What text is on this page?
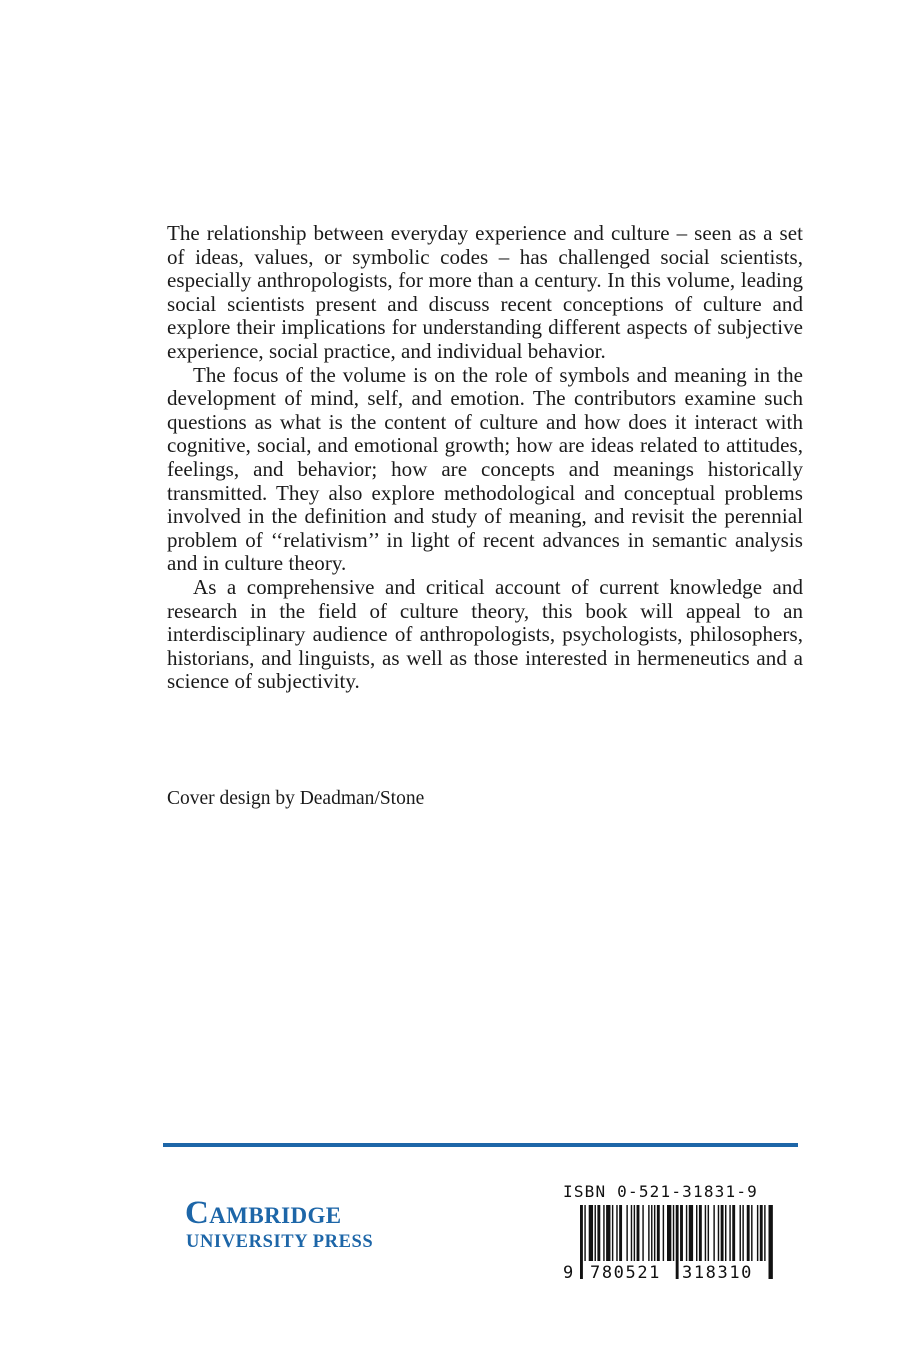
The relationship between everyday experience and culture – seen as a set of ideas, values, or symbolic codes – has challenged social scientists, especially anthropologists, for more than a century. In this volume, leading social scientists present and discuss recent conceptions of culture and explore their implications for understanding different aspects of subjective experience, social practice, and individual behavior.

The focus of the volume is on the role of symbols and meaning in the development of mind, self, and emotion. The contributors examine such questions as what is the content of culture and how does it interact with cognitive, social, and emotional growth; how are ideas related to attitudes, feelings, and behavior; how are concepts and meanings historically transmitted. They also explore methodological and conceptual problems involved in the definition and study of meaning, and revisit the perennial problem of ‘‘relativism’’ in light of recent advances in semantic analysis and in culture theory.

As a comprehensive and critical account of current knowledge and research in the field of culture theory, this book will appeal to an interdisciplinary audience of anthropologists, psychologists, philosophers, historians, and linguists, as well as those interested in hermeneutics and a science of subjectivity.

Cover design by Deadman/Stone
Cambridge
UNIVERSITY PRESS
ISBN 0-521-31831-9
9 780521 318310
